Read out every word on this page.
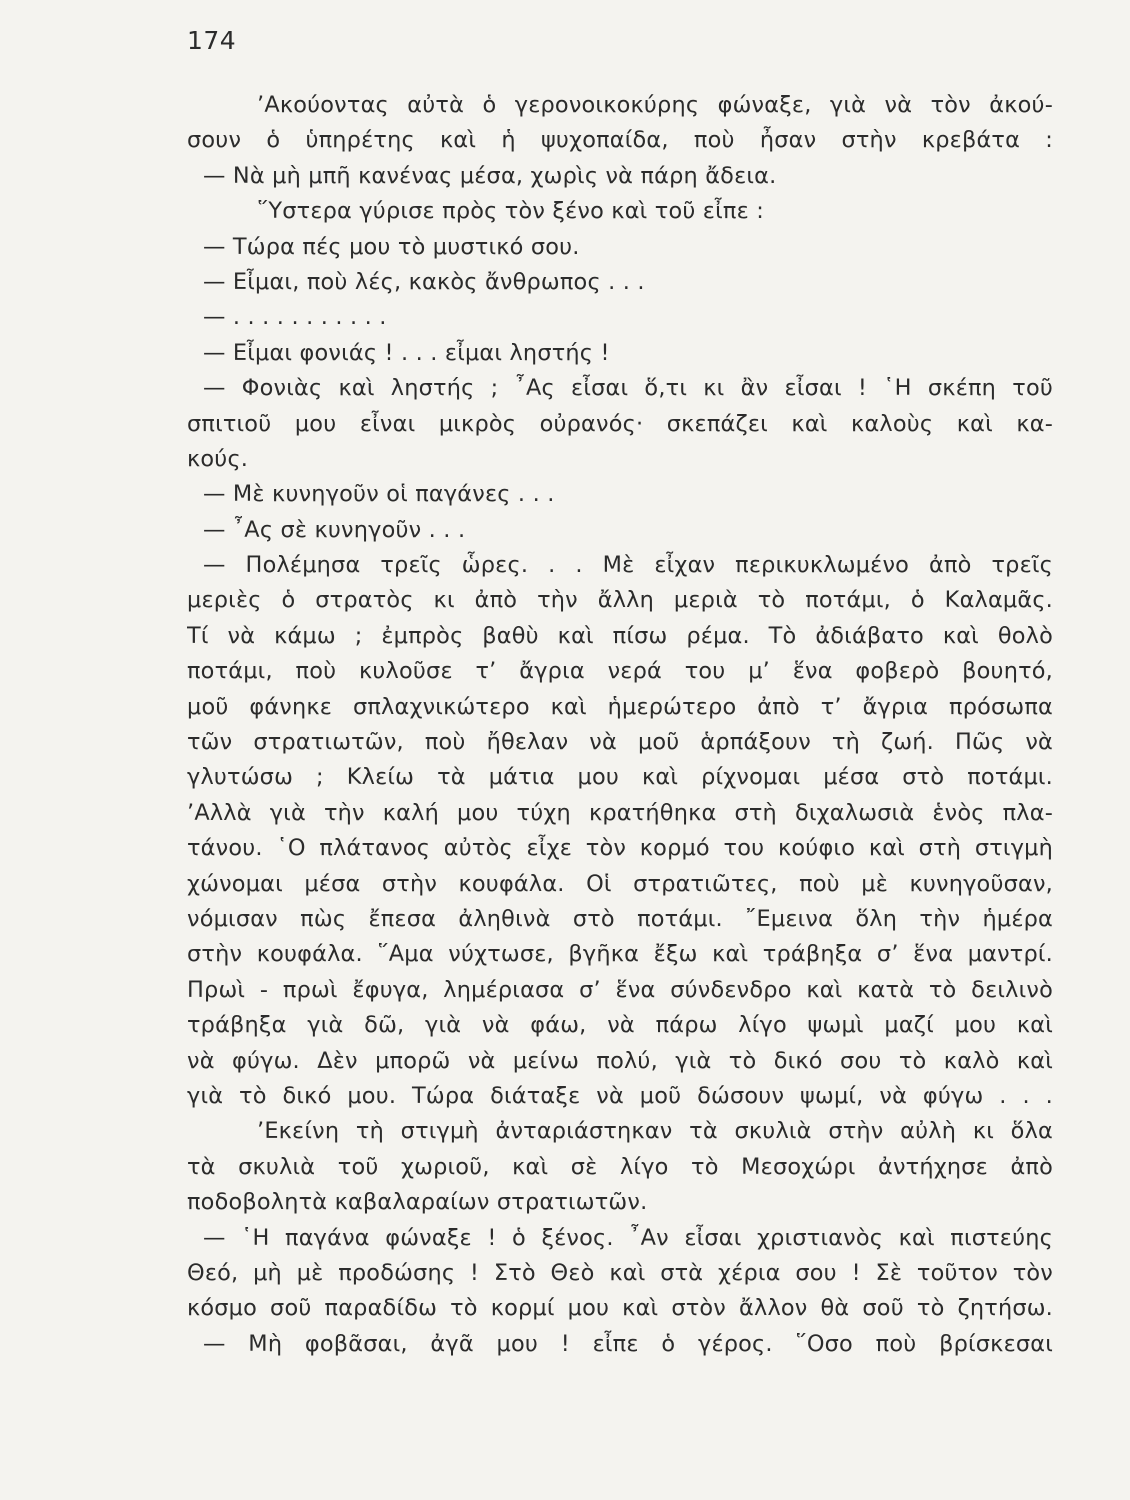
174
’Ακούοντας αὐτὰ ὁ γερονοικοκύρης φώναξε, γιὰ νὰ τὸν ἀκού-
σουν ὁ ὑπηρέτης καὶ ἡ ψυχοπαίδα, ποὺ ἦσαν στὴν κρεβάτα :
— Νὰ μὴ μπῆ κανένας μέσα, χωρὶς νὰ πάρη ἄδεια.
῞Υστερα γύρισε πρὸς τὸν ξένο καὶ τοῦ εἶπε :
— Τώρα πές μου τὸ μυστικό σου.
— Εἶμαι, ποὺ λές, κακὸς ἄνθρωπος . . .
— . . . . . . . . . . .
— Εἶμαι φονιάς ! . . . εἶμαι ληστής !
— Φονιὰς καὶ ληστής ; ῏Ας εἶσαι ὅ,τι κι ἂν εἶσαι ! ῾Η σκέπη τοῦ
σπιτιοῦ μου εἶναι μικρὸς οὐρανός· σκεπάζει καὶ καλοὺς καὶ κα-
κούς.
— Μὲ κυνηγοῦν οἱ παγάνες . . .
— ῏Ας σὲ κυνηγοῦν . . .
— Πολέμησα τρεῖς ὧρες. . . Μὲ εἶχαν περικυκλωμένο ἀπὸ τρεῖς
μεριὲς ὁ στρατὸς κι ἀπὸ τὴν ἄλλη μεριὰ τὸ ποτάμι, ὁ Καλαμᾶς.
Τί νὰ κάμω ; ἐμπρὸς βαθὺ καὶ πίσω ρέμα. Τὸ ἀδιάβατο καὶ θολὸ
ποτάμι, ποὺ κυλοῦσε τ’ ἄγρια νερά του μ’ ἕνα φοβερὸ βουητό,
μοῦ φάνηκε σπλαχνικώτερο καὶ ἡμερώτερο ἀπὸ τ’ ἄγρια πρόσωπα
τῶν στρατιωτῶν, ποὺ ἤθελαν νὰ μοῦ ἁρπάξουν τὴ ζωή. Πῶς νὰ
γλυτώσω ; Κλείω τὰ μάτια μου καὶ ρίχνομαι μέσα στὸ ποτάμι.
’Αλλὰ γιὰ τὴν καλή μου τύχη κρατήθηκα στὴ διχαλωσιὰ ἑνὸς πλα-
τάνου. ῾Ο πλάτανος αὐτὸς εἶχε τὸν κορμό του κούφιο καὶ στὴ στιγμὴ
χώνομαι μέσα στὴν κουφάλα. Οἱ στρατιῶτες, ποὺ μὲ κυνηγοῦσαν,
νόμισαν πὼς ἔπεσα ἀληθινὰ στὸ ποτάμι. ῎Εμεινα ὅλη τὴν ἡμέρα
στὴν κουφάλα. ῞Αμα νύχτωσε, βγῆκα ἔξω καὶ τράβηξα σ’ ἕνα μαντρί.
Πρωὶ - πρωὶ ἔφυγα, λημέριασα σ’ ἕνα σύνδενδρο καὶ κατὰ τὸ δειλινὸ
τράβηξα γιὰ δῶ, γιὰ νὰ φάω, νὰ πάρω λίγο ψωμὶ μαζί μου καὶ
νὰ φύγω. Δὲν μπορῶ νὰ μείνω πολύ, γιὰ τὸ δικό σου τὸ καλὸ καὶ
γιὰ τὸ δικό μου. Τώρα διάταξε νὰ μοῦ δώσουν ψωμί, νὰ φύγω . . .
’Εκείνη τὴ στιγμὴ ἀνταριάστηκαν τὰ σκυλιὰ στὴν αὐλὴ κι ὅλα
τὰ σκυλιὰ τοῦ χωριοῦ, καὶ σὲ λίγο τὸ Μεσοχώρι ἀντήχησε ἀπὸ
ποδοβολητὰ καβαλαραίων στρατιωτῶν.
— ῾Η παγάνα φώναξε ! ὁ ξένος. ῏Αν εἶσαι χριστιανὸς καὶ πιστεύης
Θεό, μὴ μὲ προδώσης ! Στὸ Θεὸ καὶ στὰ χέρια σου ! Σὲ τοῦτον τὸν
κόσμο σοῦ παραδίδω τὸ κορμί μου καὶ στὸν ἄλλον θὰ σοῦ τὸ ζητήσω.
— Μὴ φοβᾶσαι, ἀγᾶ μου ! εἶπε ὁ γέρος. ῞Οσο ποὺ βρίσκεσαι
